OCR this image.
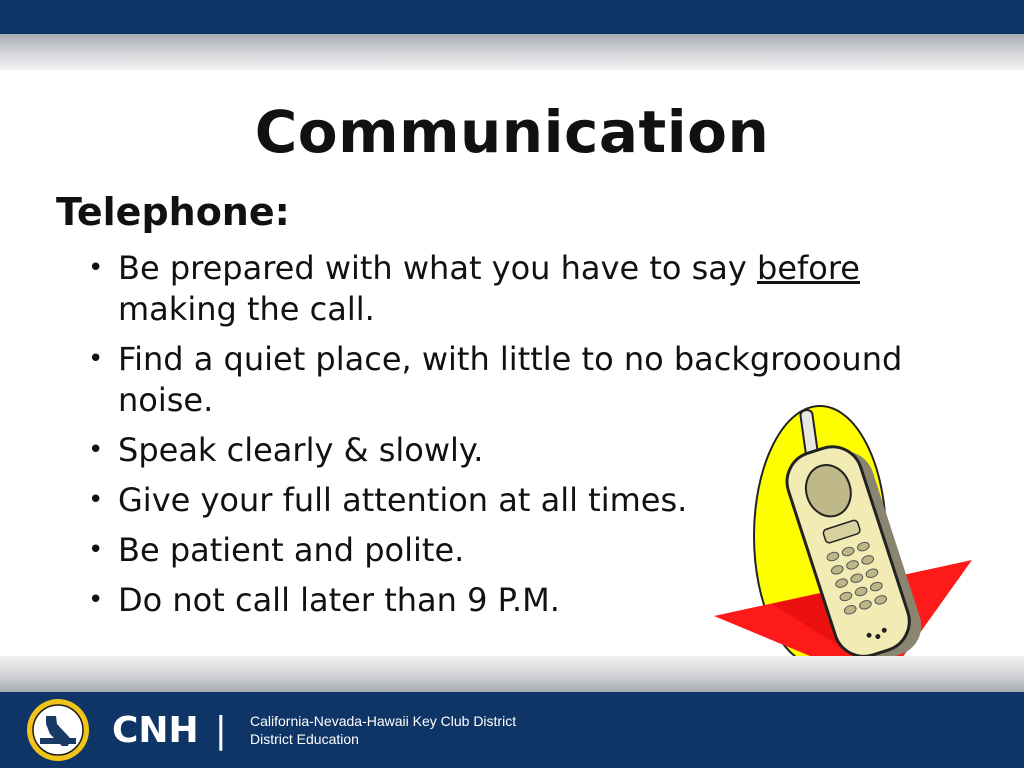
Communication
Telephone:
• Be prepared with what you have to say before making the call.
• Find a quiet place, with little to no backgrooound noise.
• Speak clearly & slowly.
• Give your full attention at all times.
• Be patient and polite.
• Do not call later than 9 P.M.
CNH | California-Nevada-Hawaii Key Club District
District Education
